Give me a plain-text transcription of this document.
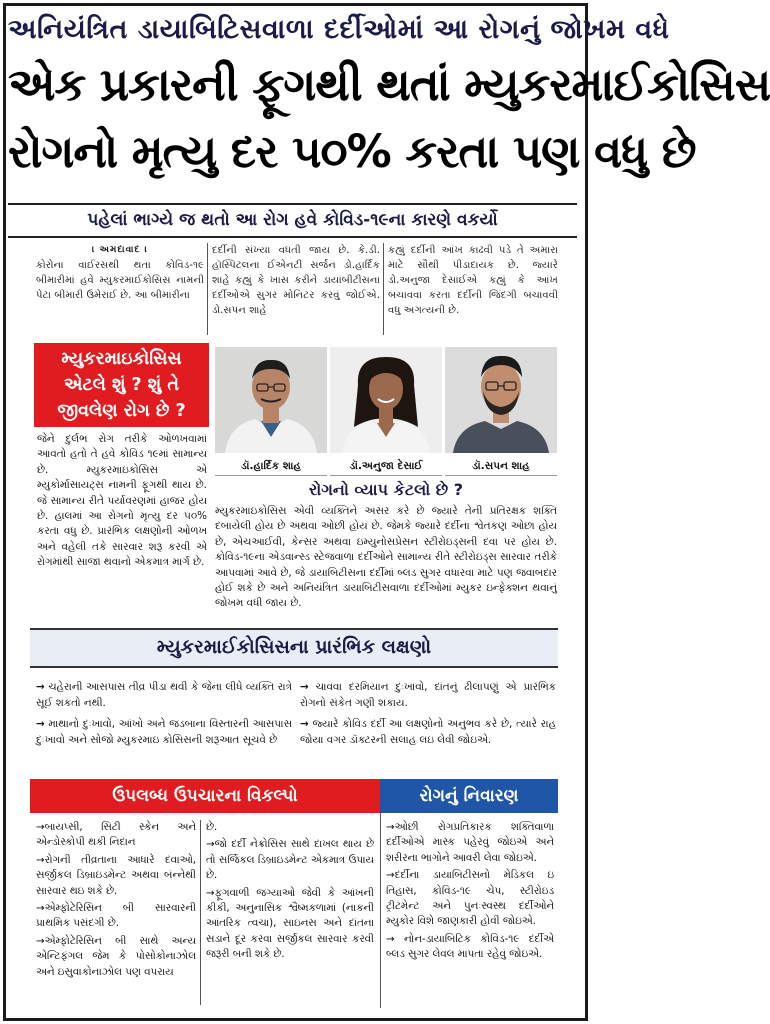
અનિયંત્રિત ડાયાબિટિસવાળા દર્દીઓમાં આ રોગનું જોખમ વધે
એક પ્રકારની ફૂગથી થતાં મ્યુકરમાઈકોસિસ
રોગનો મૃત્યુ દર ૫૦% કરતા પણ વધુ છે
પહેલાં ભાગ્યે જ થતો આ રોગ હવે કોવિડ-૧૯ના કારણે વકર્યો
। અમદાવાદ ।
કોરોના વાઈરસથી થતા કોવિડ-૧૯ બીમારીમાં હવે મ્યુકરમાઈકોસિસ નામની પેટા બીમારી ઉમેરાઈ છે. આ બીમારીના
દર્દીની સંખ્યા વધતી જાય છે. કે.ડી. હૉસ્પિટલના ઈએનટી સર્જન ડો.હાર્દિક શાહે કહ્યું કે ખાસ કરીને ડાયાબીટીસના દર્દીઓએ સુગર મોનિટર કરવું જોઈએ. ડો.સપન શાહે
કહ્યું દર્દીની આંખ કાઢવી પડે તે અમારા માટે સૌથી પીડાદાયક છે. જ્યારે ડો.અનુજા દેસાઈએ કહ્યું કે આંખ બચાવવા કરતા દર્દીની જિંદગી બચાવવી વધુ અગત્યની છે.
મ્યુકરમાઇકોસિસ
એટલે શું ? શું તે
જીવલેણ રોગ છે ?
જેને દુર્લભ રોગ તરીકે ઓળખવામાં આવતો હતો તે હવે કોવિડ ૧૯માં સામાન્ય છે. મ્યુકરમાઇકોસિસ એ મ્યુકોર્માસાયટ્સ નામની ફૂગથી થાય છે. જે સામાન્ય રીતે પર્યાવરણમાં હાજર હોય છે. હાલમાં આ રોગનો મૃત્યુ દર ૫૦% કરતા વધુ છે. પ્રારંભિક લક્ષણોની ઓળખ અને વહેલી તકે સારવાર શરૂ કરવી એ રોગમાંથી સાજા થવાનો એકમાત્ર માર્ગ છે.
ડૉ.હાર્દિક શાહ	ડૉ.અનુજા દેસાઈ	ડૉ.સપન શાહ
રોગનો વ્યાપ કેટલો છે ?
મ્યુકરમાઇકોસિસ એવી વ્યક્તિને અસર કરે છે જ્યારે તેની પ્રતિરક્ષક શક્તિ દબાયેલી હોય છે અથવા ઓછી હોય છે. જેમકે જ્યારે દર્દીના શ્વેતકણ ઓછા હોય છે, એચઆઈવી, કેન્સર અથવા ઇમ્યુનોસપ્રેસન સ્ટીરોઇડ્સની દવા પર હોય છે. કોવિડ-૧૯ના એડવાન્સ્ડ સ્ટેજવાળા દર્દીઓને સામાન્ય રીતે સ્ટીરોઇડ્સ સારવાર તરીકે આપવામાં આવે છે, જે ડાયાબિટીસના દર્દીમાં બ્લડ સુગર વધારવા માટે પણ જવાબદાર હોઈ શકે છે અને અનિયંત્રિત ડાયાબિટીસવાળા દર્દીઓમાં મ્યુકર ઇન્ફેક્શન થવાનું જોખમ વધી જાય છે.
મ્યુકરમાઈકોસિસના પ્રારંભિક લક્ષણો
→ ચહેરાની આસપાસ તીવ્ર પીડા થવી કે જેના લીધે વ્યક્તિ રાત્રે સૂઈ શકતો નથી.
→ માથાનો દુઃખાવો, આંખો અને જડબાના વિસ્તારની આસપાસ દુઃખાવો અને સોજો મ્યુકરમાઇ કોસિસની શરૂઆત સૂચવે છે
→ ચાવવા દરમિયાન દુઃખાવો, દાંતનું ઢીલાપણું એ પ્રારંભિક રોગનો સંકેત ગણી શકાય.
→ જ્યારે કોવિડ દર્દી આ લક્ષણોનો અનુભવ કરે છે, ત્યારે રાહ જોયા વગર ડૉક્ટરની સલાહ લઇ લેવી જોઇએ.
ઉપલબ્ધ ઉપચારના વિકલ્પો	રોગનું નિવારણ

→બાયપ્સી, સિટી સ્કેન અને એન્ડોસ્કોપી થકી નિદાન

→રોગની તીવ્રતાના આધારે દવાઓ, સર્જીકલ ડિબ્રાઇડમેન્ટ અથવા બંન્નેથી સારવાર થઇ શકે છે.

→એમ્ફોટેરિસિન બી સારવારની પ્રાથમિક પસંદગી છે.

→એમ્ફોટેરિસિન બી સાથે અન્ય એન્ટિફંગલ જેમ કે પોસોકોનાઝોલ અને ઇસુવાકોનાઝોલ પણ વપરાય

છે.

→જો દર્દી નેક્રોસિસ સાથે દાખલ થાય છે તો સર્જિકલ ડિબ્રાઇડમેન્ટ એકમાત્ર ઉપાય છે.

→ફૂગવાળી જગ્યાઓ જેવી કે આંખની કીકી, અનુનાસિક શ્વૈષ્મકળામાં (નાકની આંતરિક ત્વચા), સાઇનસ અને દાંતના સડાને દૂર કરવા સર્જીકલ સારવાર કરવી જરૂરી બની શકે છે.

→ઓછી રોગપ્રતિકારક શક્તિવાળા દર્દીઓએ માસ્ક પહેરવું જોઇએ અને શરીરના ભાગોને આવરી લેવા જોઇએ.

→દર્દીના ડાયાબિટીસનો મેડિકલ ઇ તિહાસ, કોવિડ-૧૯ ચેપ, સ્ટીરોઇડ ટ્રીટમેન્ટ અને પુનઃસ્વસ્થ દર્દીઓને મ્યુકોર વિશે જાણકારી હોવી જોઇએ.

→ નોન-ડાયાબિટિક કોવિડ-૧૯ દર્દીએ બ્લડ સુગર લેવલ માપતા રહેવું જોઇએ.
